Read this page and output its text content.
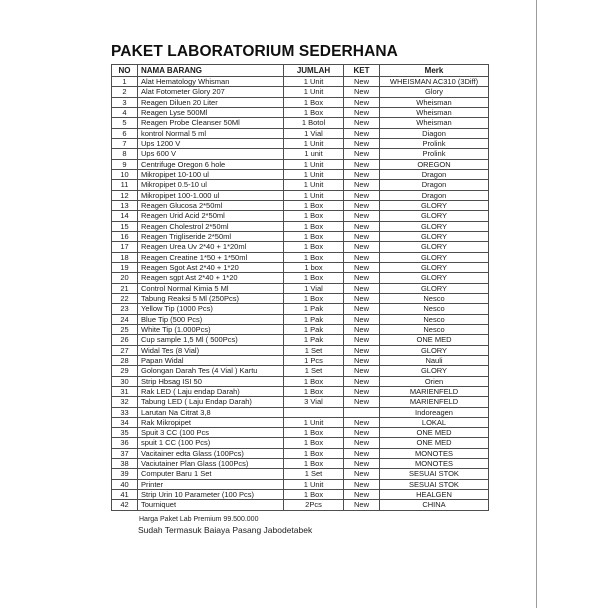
PAKET LABORATORIUM SEDERHANA
NO	NAMA BARANG	JUMLAH	KET	Merk
1	Alat Hematology Whisman	1 Unit	New	WHEISMAN AC310 (3Diff)
2	Alat Fotometer Glory 207	1 Unit	New	Glory
3	Reagen Diluen 20 Liter	1 Box	New	Wheisman
4	Reagen Lyse 500Ml	1 Box	New	Wheisman
5	Reagen Probe Cleanser 50Ml	1 Botol	New	Wheisman
6	kontrol Normal 5 ml	1 Vial	New	Diagon
7	Ups 1200 V	1 Unit	New	Prolink
8	Ups 600 V	1 unit	New	Prolink
9	Centrifuge Oregon 6 hole	1 Unit	New	OREGON
10	Mikropipet 10-100 ul	1 Unit	New	Dragon
11	Mikropipet 0.5-10 ul	1 Unit	New	Dragon
12	Mikropipet 100-1.000 ul	1 Unit	New	Dragon
13	Reagen Glucosa 2*50ml	1 Box	New	GLORY
14	Reagen Urid Acid 2*50ml	1 Box	New	GLORY
15	Reagen Cholestrol 2*50ml	1 Box	New	GLORY
16	Reagen Trigliseride 2*50ml	1 Box	New	GLORY
17	Reagen Urea Uv 2*40 + 1*20ml	1 Box	New	GLORY
18	Reagen Creatine 1*50 + 1*50ml	1 Box	New	GLORY
19	Reagen Sgot Ast 2*40 + 1*20	1 box	New	GLORY
20	Reagen sgpt Ast 2*40 + 1*20	1 Box	New	GLORY
21	Control Normal Kimia 5 Ml	1 Vial	New	GLORY
22	Tabung Reaksi 5 Ml (250Pcs)	1 Box	New	Nesco
23	Yellow Tip (1000 Pcs)	1 Pak	New	Nesco
24	Blue Tip (500 Pcs)	1 Pak	New	Nesco
25	White Tip (1.000Pcs)	1 Pak	New	Nesco
26	Cup sample 1,5 Ml ( 500Pcs)	1 Pak	New	ONE MED
27	Widal Tes (8 Vial)	1 Set	New	GLORY
28	Papan Widal	1 Pcs	New	Nauli
29	Golongan Darah Tes (4 Vial ) Kartu	1 Set	New	GLORY
30	Strip Hbsag ISI 50	1 Box	New	Orien
31	Rak LED ( Laju endap Darah)	1 Box	New	MARIENFELD
32	Tabung LED ( Laju Endap Darah)	3 Vial	New	MARIENFELD
33	Larutan Na Citrat 3,8			Indoreagen
34	Rak Mikropipet	1 Unit	New	LOKAL
35	Spuit 3 CC (100 Pcs	1 Box	New	ONE MED
36	spuit 1 CC (100 Pcs)	1 Box	New	ONE MED
37	Vacitainer edta Glass (100Pcs)	1 Box	New	MONOTES
38	Vaciutainer Plan Glass (100Pcs)	1 Box	New	MONOTES
39	Computer Baru 1 Set	1 Set	New	SESUAI STOK
40	Printer	1 Unit	New	SESUAI STOK
41	Strip Urin 10 Parameter (100 Pcs)	1 Box	New	HEALGEN
42	Tourniquet	2Pcs	New	CHINA
Harga Paket Lab Premium 99.500.000
Sudah Termasuk Baiaya Pasang Jabodetabek
